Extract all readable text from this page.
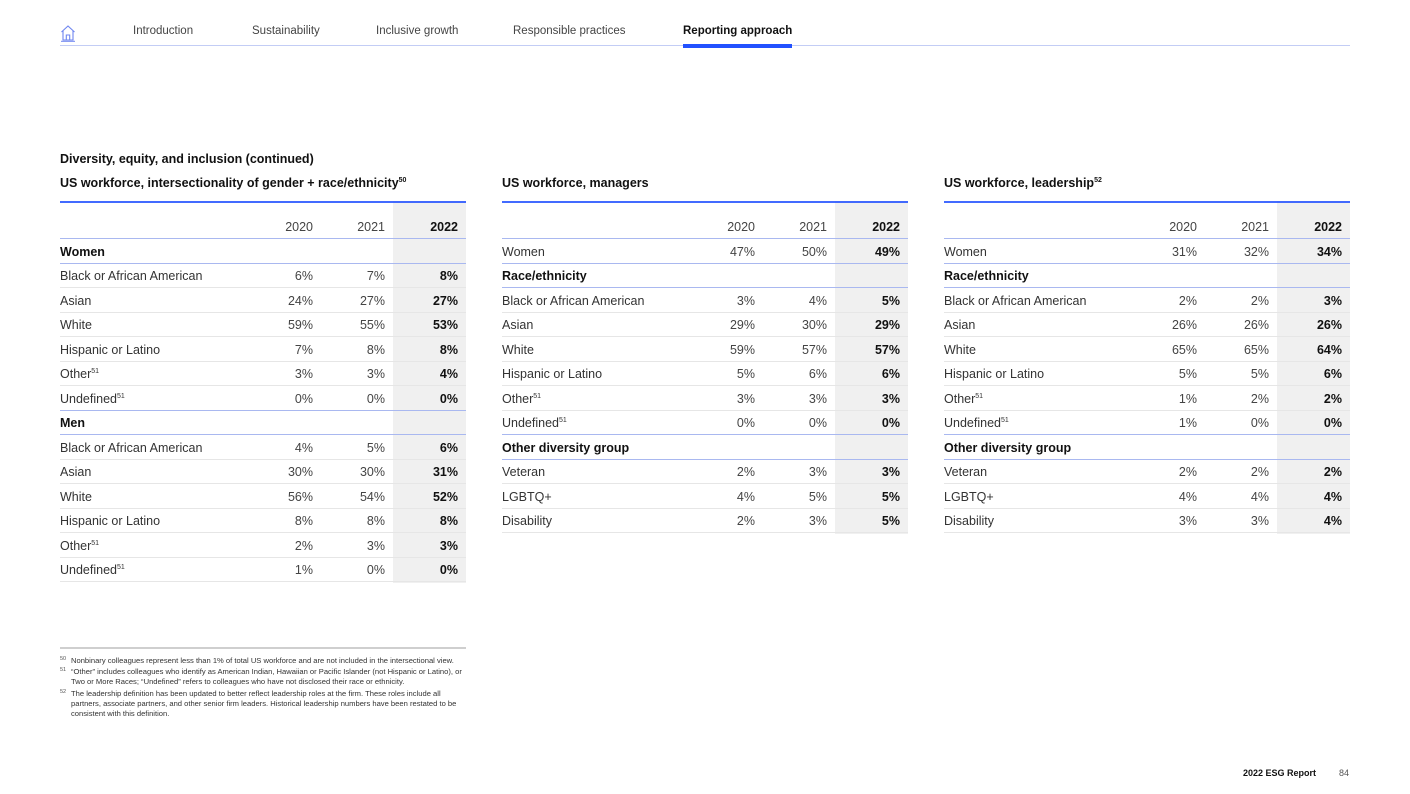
Introduction	Sustainability	Inclusive growth	Responsible practices	Reporting approach
Diversity, equity, and inclusion (continued)
US workforce, intersectionality of gender + race/ethnicity$^{50}$	US workforce, managers	US workforce, leadership$^{52}$
2020	2021	2022
Women
Black or African American	6%	7%	8%
Asian	24%	27%	27%
White	59%	55%	53%
Hispanic or Latino	7%	8%	8%
Other$^{51}$	3%	3%	4%
Undefined$^{51}$	0%	0%	0%
Men
Black or African American	4%	5%	6%
Asian	30%	30%	31%
White	56%	54%	52%
Hispanic or Latino	8%	8%	8%
Other$^{51}$	2%	3%	3%
Undefined$^{51}$	1%	0%	0%
2020	2021	2022
Women	47%	50%	49%
Race/ethnicity
Black or African American	3%	4%	5%
Asian	29%	30%	29%
White	59%	57%	57%
Hispanic or Latino	5%	6%	6%
Other$^{51}$	3%	3%	3%
Undefined$^{51}$	0%	0%	0%
Other diversity group
Veteran	2%	3%	3%
LGBTQ+	4%	5%	5%
Disability	2%	3%	5%
2020	2021	2022
Women	31%	32%	34%
Race/ethnicity
Black or African American	2%	2%	3%
Asian	26%	26%	26%
White	65%	65%	64%
Hispanic or Latino	5%	5%	6%
Other$^{51}$	1%	2%	2%
Undefined$^{51}$	1%	0%	0%
Other diversity group
Veteran	2%	2%	2%
LGBTQ+	4%	4%	4%
Disability	3%	3%	4%
50 Nonbinary colleagues represent less than 1% of total US workforce and are not included in the intersectional view.
51 “Other” includes colleagues who identify as American Indian, Hawaiian or Pacific Islander (not Hispanic or Latino), or Two or More Races; “Undefined” refers to colleagues who have not disclosed their race or ethnicity.
52 The leadership definition has been updated to better reflect leadership roles at the firm. These roles include all partners, associate partners, and other senior firm leaders. Historical leadership numbers have been restated to be consistent with this definition.
2022 ESG Report	84
